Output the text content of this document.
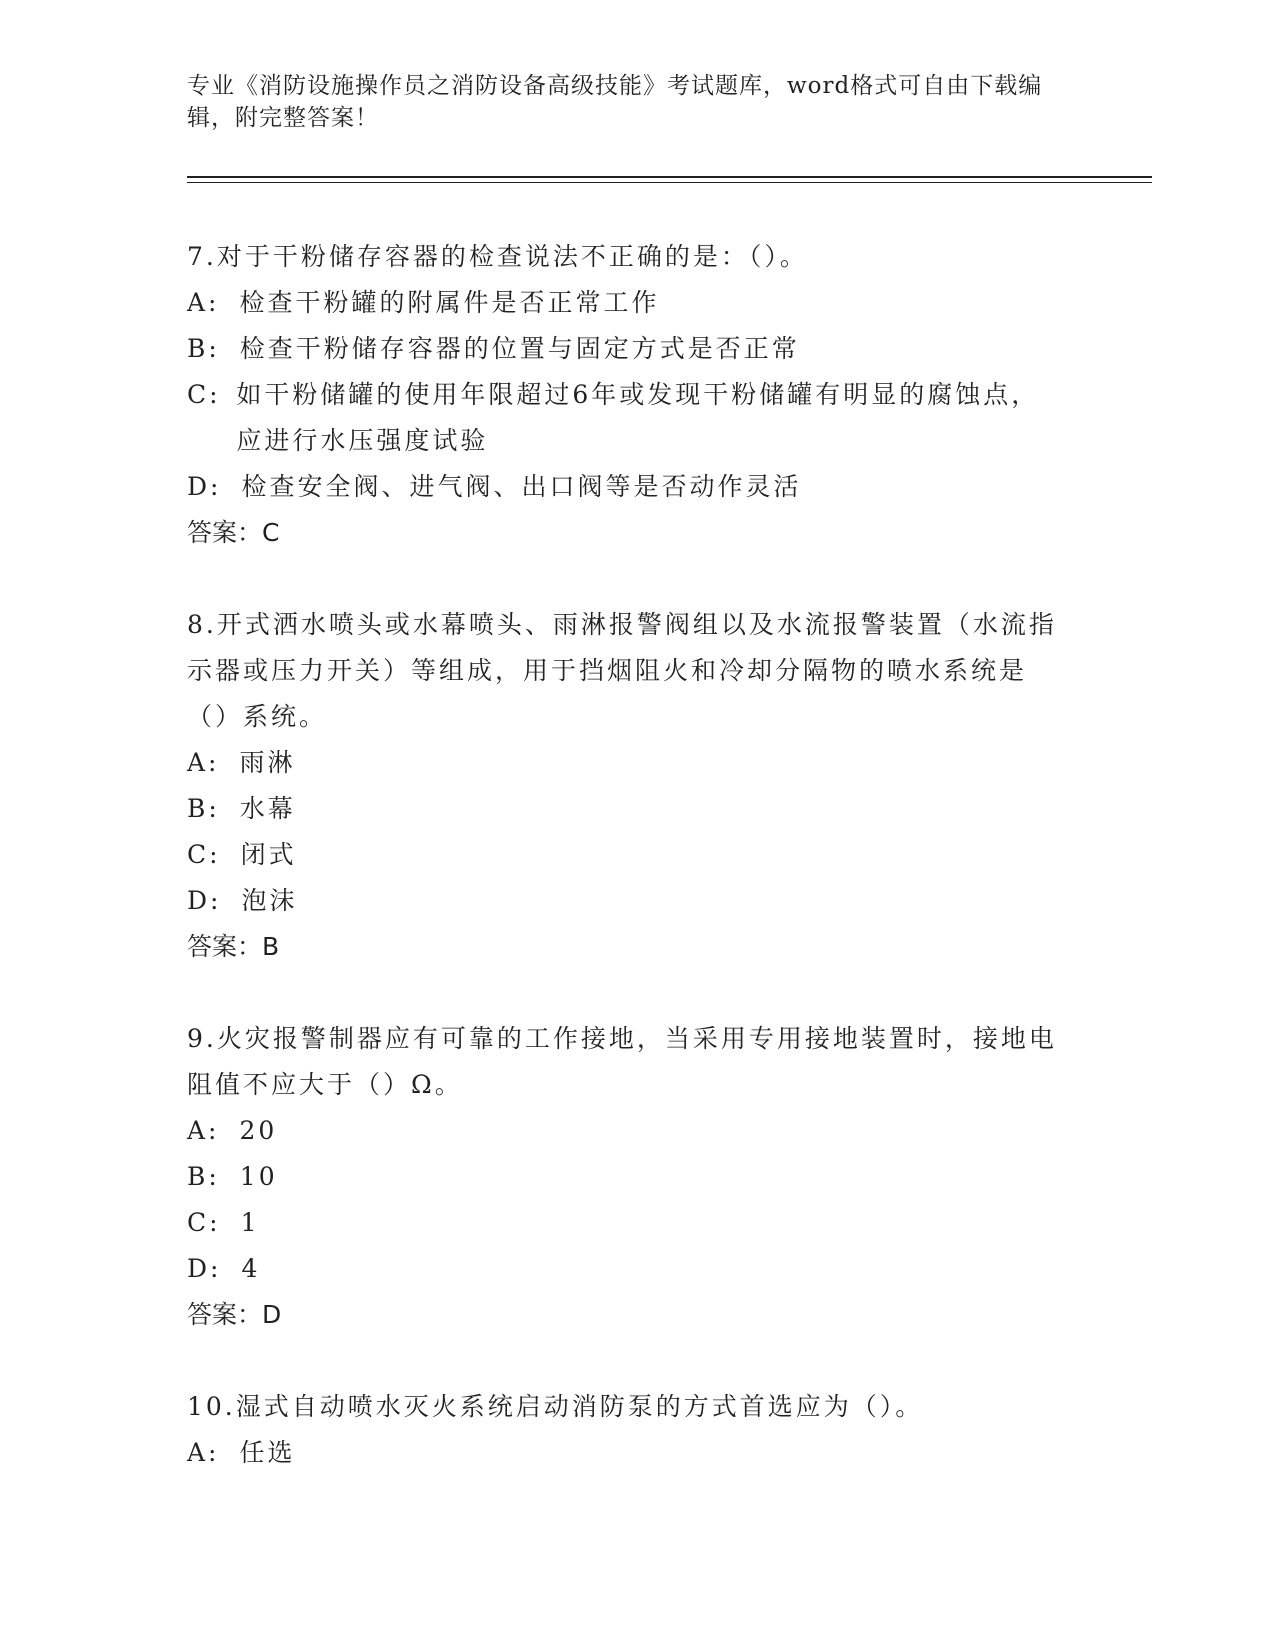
专业《消防设施操作员之消防设备高级技能》考试题库，word格式可自由下载编辑，附完整答案！

7.对于干粉储存容器的检查说法不正确的是：（）。

A: 检查干粉罐的附属件是否正常工作
B: 检查干粉储存容器的位置与固定方式是否正常
C: 如干粉储罐的使用年限超过6年或发现干粉储罐有明显的腐蚀点，应进行水压强度试验
D: 检查安全阀、进气阀、出口阀等是否动作灵活

答案：C

8.开式洒水喷头或水幕喷头、雨淋报警阀组以及水流报警装置（水流指示器或压力开关）等组成，用于挡烟阻火和冷却分隔物的喷水系统是（）系统。

A: 雨淋
B: 水幕
C: 闭式
D: 泡沫

答案：B

9.火灾报警制器应有可靠的工作接地，当采用专用接地装置时，接地电阻值不应大于（）Ω。

A: 20
B: 10
C: 1
D: 4

答案：D

10.湿式自动喷水灭火系统启动消防泵的方式首选应为（）。

A: 任选
